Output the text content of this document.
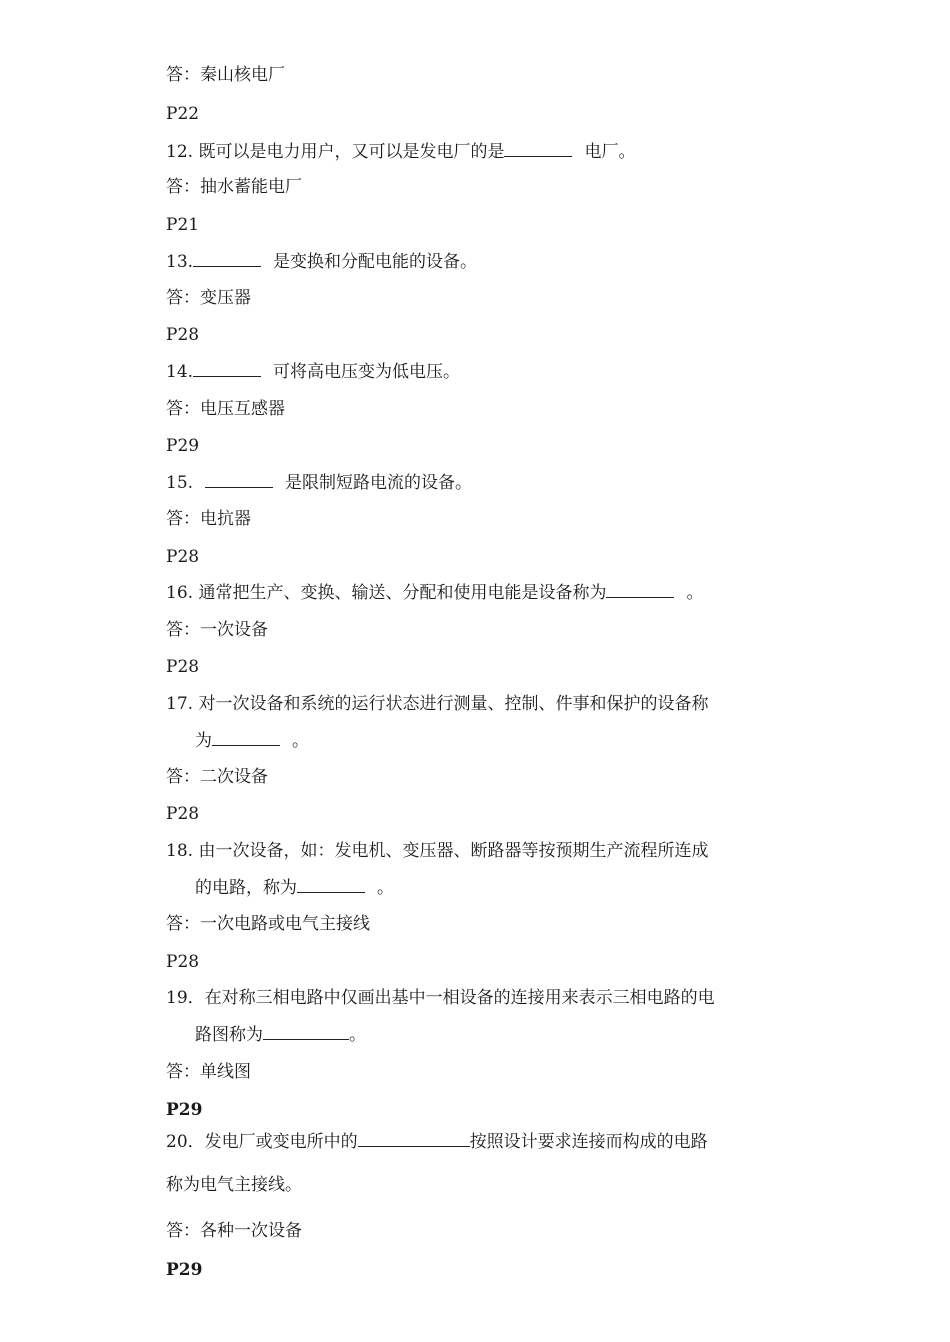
答：秦山核电厂
P22
12. 既可以是电力用户，又可以是发电厂的是	电厂。
答：抽水蓄能电厂
P21
13.	是变换和分配电能的设备。
答：变压器
P28
14.	可将高电压变为低电压。
答：电压互感器
P29
15.	是限制短路电流的设备。
答：电抗器
P28
16. 通常把生产、变换、输送、分配和使用电能是设备称为	。
答：一次设备
P28
17. 对一次设备和系统的运行状态进行测量、控制、件事和保护的设备称
为	。
答：二次设备
P28
18. 由一次设备，如：发电机、变压器、断路器等按预期生产流程所连成
的电路，称为	。
答：一次电路或电气主接线
P28
19．在对称三相电路中仅画出基中一相设备的连接用来表示三相电路的电
路图称为	。
答：单线图
P29
20．发电厂或变电所中的	按照设计要求连接而构成的电路
称为电气主接线。
答：各种一次设备
P29
